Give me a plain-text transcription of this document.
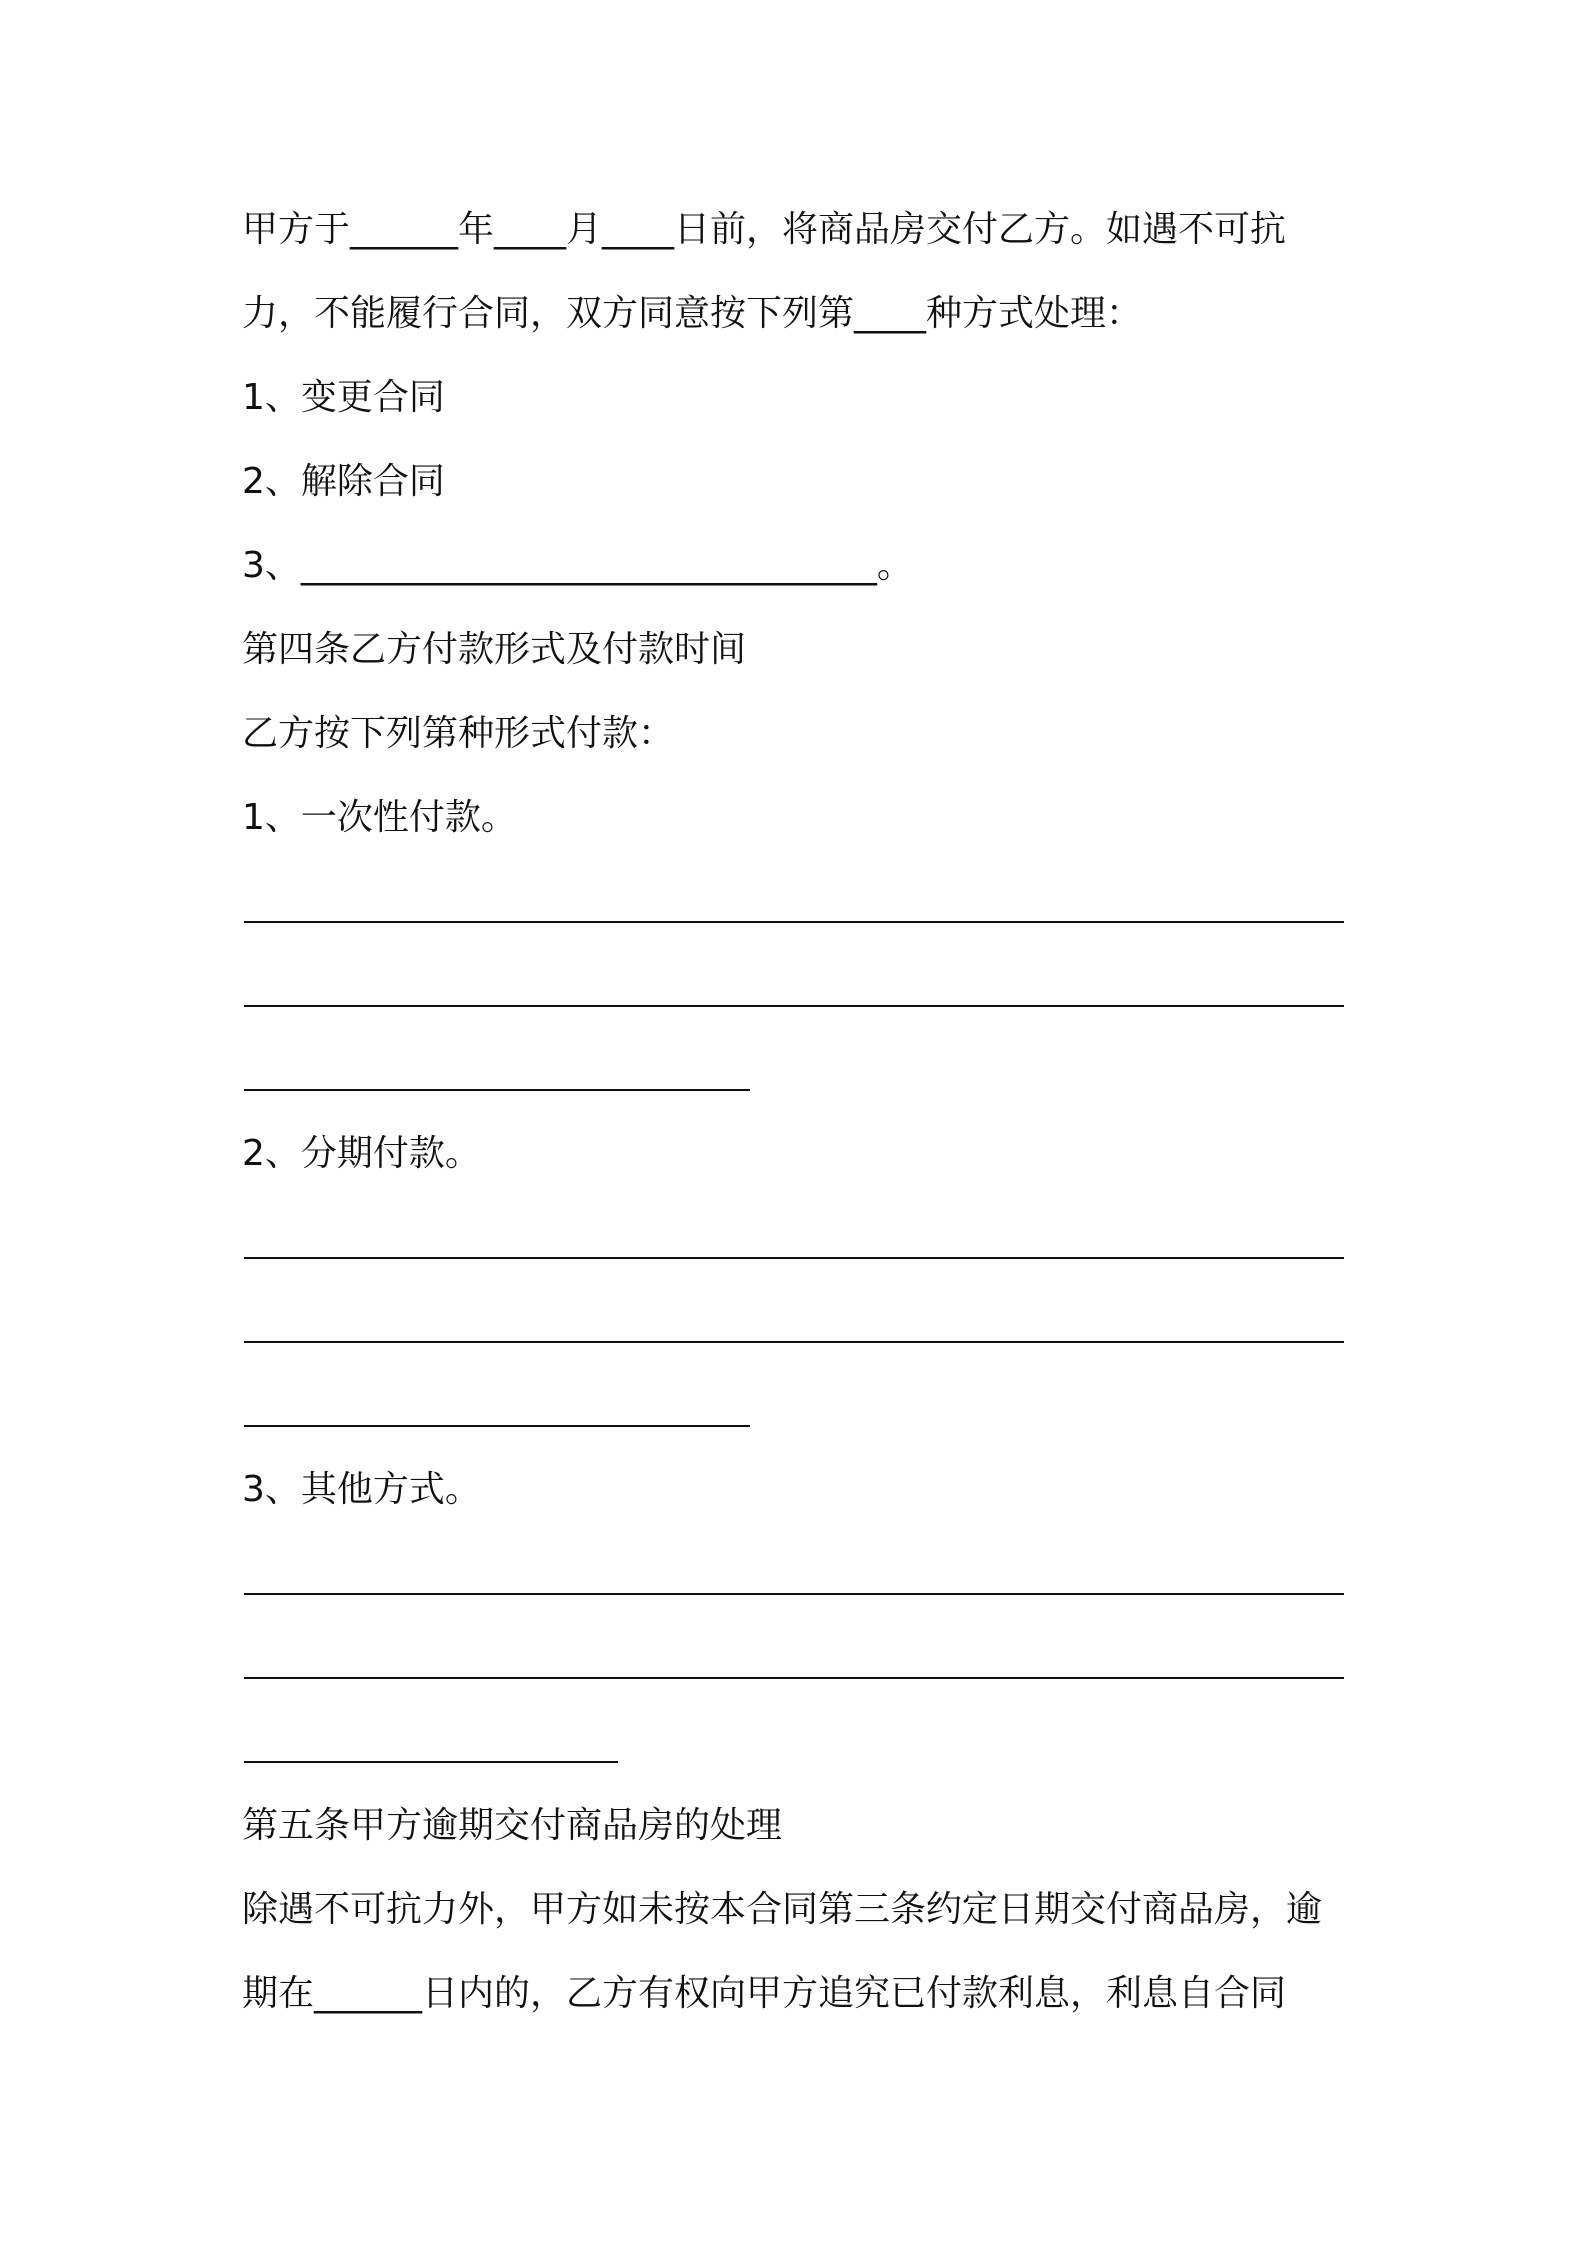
甲方于______年____月____日前，将商品房交付乙方。如遇不可抗
力，不能履行合同，双方同意按下列第____种方式处理：
1、变更合同
2、解除合同
3、________________________________。
第四条乙方付款形式及付款时间
乙方按下列第种形式付款：
1、一次性付款。
2、分期付款。
3、其他方式。
第五条甲方逾期交付商品房的处理
除遇不可抗力外，甲方如未按本合同第三条约定日期交付商品房，逾
期在______日内的，乙方有权向甲方追究已付款利息，利息自合同
